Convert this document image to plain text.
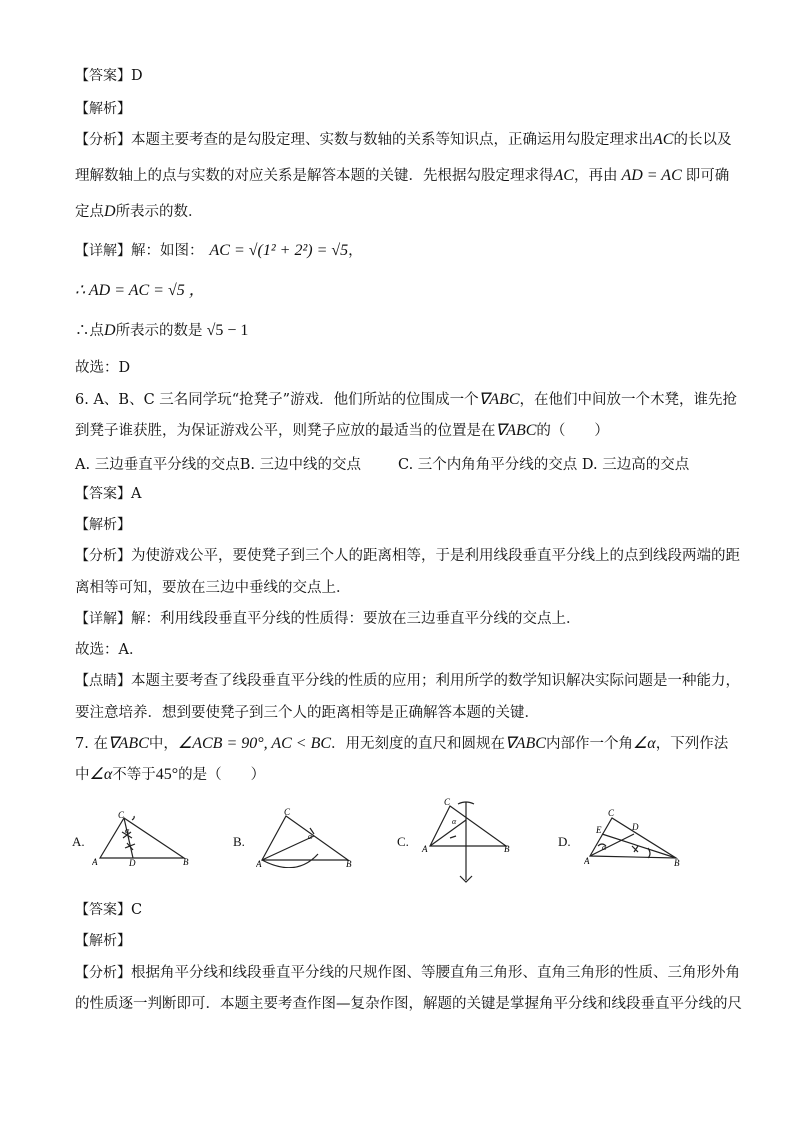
【答案】D
【解析】
【分析】本题主要考查的是勾股定理、实数与数轴的关系等知识点，正确运用勾股定理求出AC的长以及
理解数轴上的点与实数的对应关系是解答本题的关键．先根据勾股定理求得AC，再由 AD = AC 即可确
定点D所表示的数．
【详解】解：如图： AC = √(1² + 2²) = √5，
∴ AD = AC = √5 ，
∴点D所表示的数是 √5 − 1
故选：D
6. A、B、C 三名同学玩“抢凳子”游戏．他们所站的位围成一个∇ABC，在他们中间放一个木凳，谁先抢
到凳子谁获胜，为保证游戏公平，则凳子应放的最适当的位置是在∇ABC的（　　）
A. 三边垂直平分线的交点B. 三边中线的交点	C. 三个内角角平分线的交点 D. 三边高的交点
【答案】A
【解析】
【分析】为使游戏公平，要使凳子到三个人的距离相等，于是利用线段垂直平分线上的点到线段两端的距
离相等可知，要放在三边中垂线的交点上．
【详解】解：利用线段垂直平分线的性质得：要放在三边垂直平分线的交点上．
故选：A．
【点睛】本题主要考查了线段垂直平分线的性质的应用；利用所学的数学知识解决实际问题是一种能力，
要注意培养．想到要使凳子到三个人的距离相等是正确解答本题的关键．
7. 在∇ABC中，∠ACB = 90°, AC < BC．用无刻度的直尺和圆规在∇ABC内部作一个角∠α，下列作法
中∠α不等于45°的是（　　）
A.	B.	C.	D.
C
A	D	B
α
C
A	B
α
C
A	B
α
C
E	D
A	B
α
【答案】C
【解析】
【分析】根据角平分线和线段垂直平分线的尺规作图、等腰直角三角形、直角三角形的性质、三角形外角
的性质逐一判断即可．本题主要考查作图—复杂作图，解题的关键是掌握角平分线和线段垂直平分线的尺
